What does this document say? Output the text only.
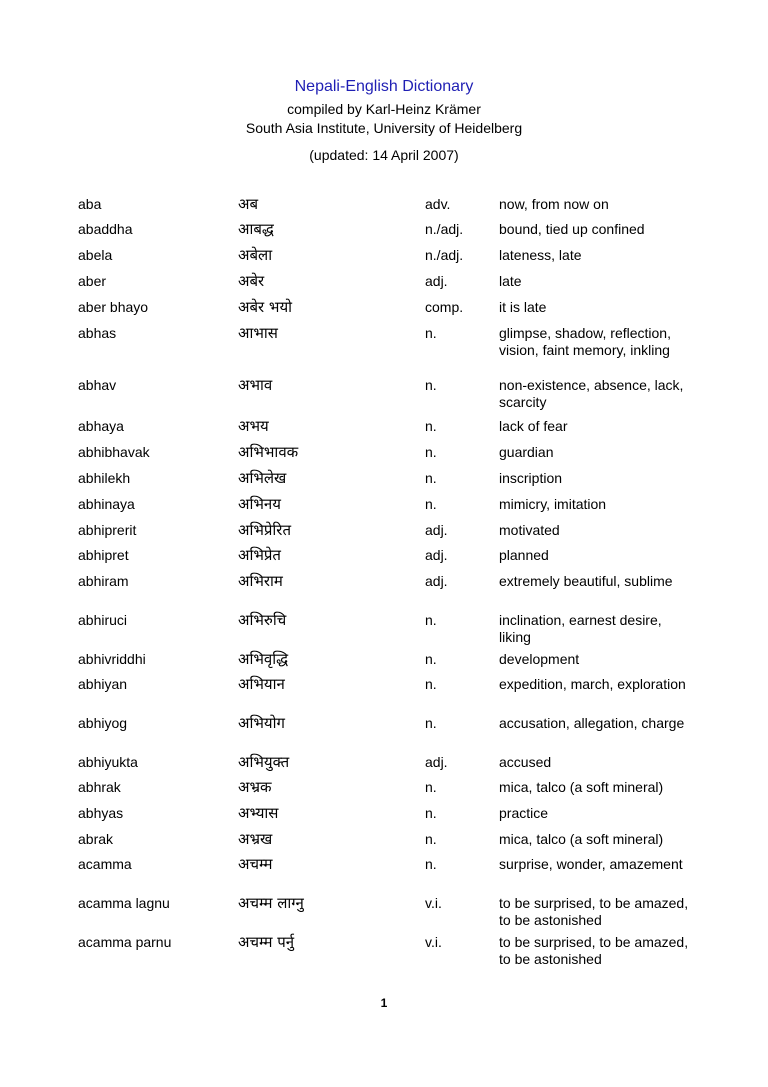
Nepali-English Dictionary
compiled by Karl-Heinz Krämer
South Asia Institute, University of Heidelberg
(updated: 14 April 2007)
aba	अब	adv.	now, from now on
abaddha	आबद्ध	n./adj.	bound, tied up confined
abela	अबेला	n./adj.	lateness, late
aber	अबेर	adj.	late
aber bhayo	अबेर भयो	comp.	it is late
abhas	आभास	n.	glimpse, shadow, reflection, vision, faint memory, inkling
abhav	अभाव	n.	non-existence, absence, lack, scarcity
abhaya	अभय	n.	lack of fear
abhibhavak	अभिभावक	n.	guardian
abhilekh	अभिलेख	n.	inscription
abhinaya	अभिनय	n.	mimicry, imitation
abhiprerit	अभिप्रेरित	adj.	motivated
abhipret	अभिप्रेत	adj.	planned
abhiram	अभिराम	adj.	extremely beautiful, sublime
abhiruci	अभिरुचि	n.	inclination, earnest desire, liking
abhivriddhi	अभिवृद्धि	n.	development
abhiyan	अभियान	n.	expedition, march, exploration
abhiyog	अभियोग	n.	accusation, allegation, charge
abhiyukta	अभियुक्त	adj.	accused
abhrak	अभ्रक	n.	mica, talco (a soft mineral)
abhyas	अभ्यास	n.	practice
abrak	अभ्रख	n.	mica, talco (a soft mineral)
acamma	अचम्म	n.	surprise, wonder, amazement
acamma lagnu	अचम्म लाग्नु	v.i.	to be surprised, to be amazed, to be astonished
acamma parnu	अचम्म पर्नु	v.i.	to be surprised, to be amazed, to be astonished
1
